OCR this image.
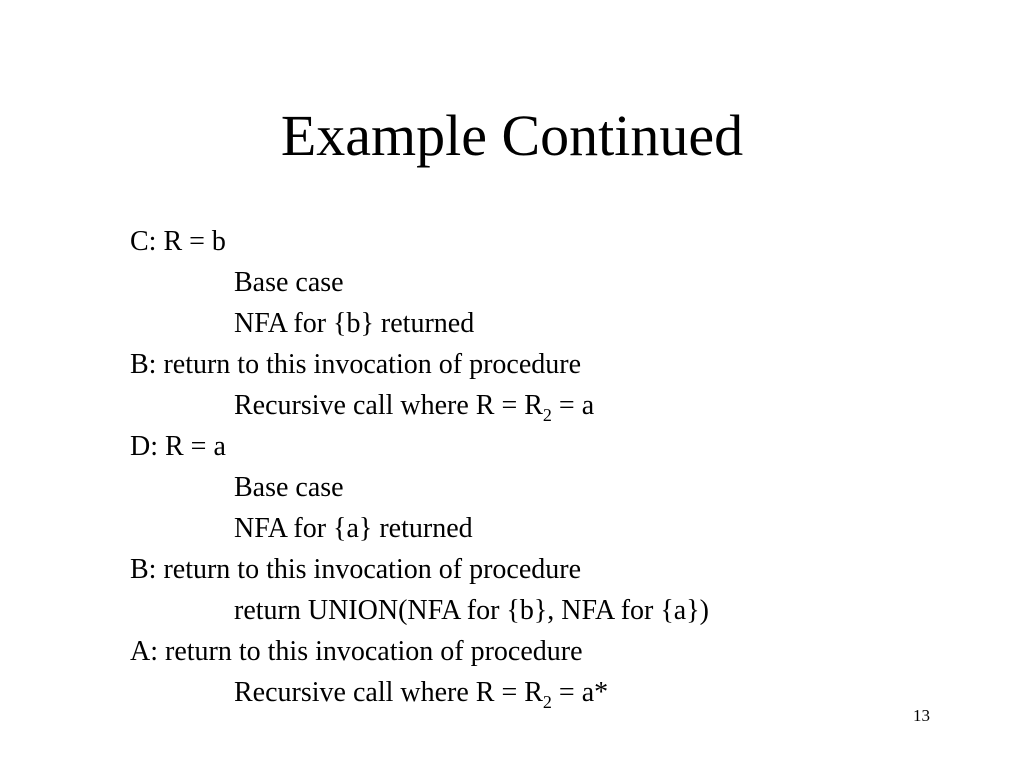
Example Continued
C: R = b
Base case
NFA for {b} returned
B: return to this invocation of procedure
Recursive call where $R = R_2 = a$
D: R = a
Base case
NFA for {a} returned
B: return to this invocation of procedure
return UNION(NFA for {b}, NFA for {a})
A: return to this invocation of procedure
Recursive call where $R = R_2 = a*$
13
